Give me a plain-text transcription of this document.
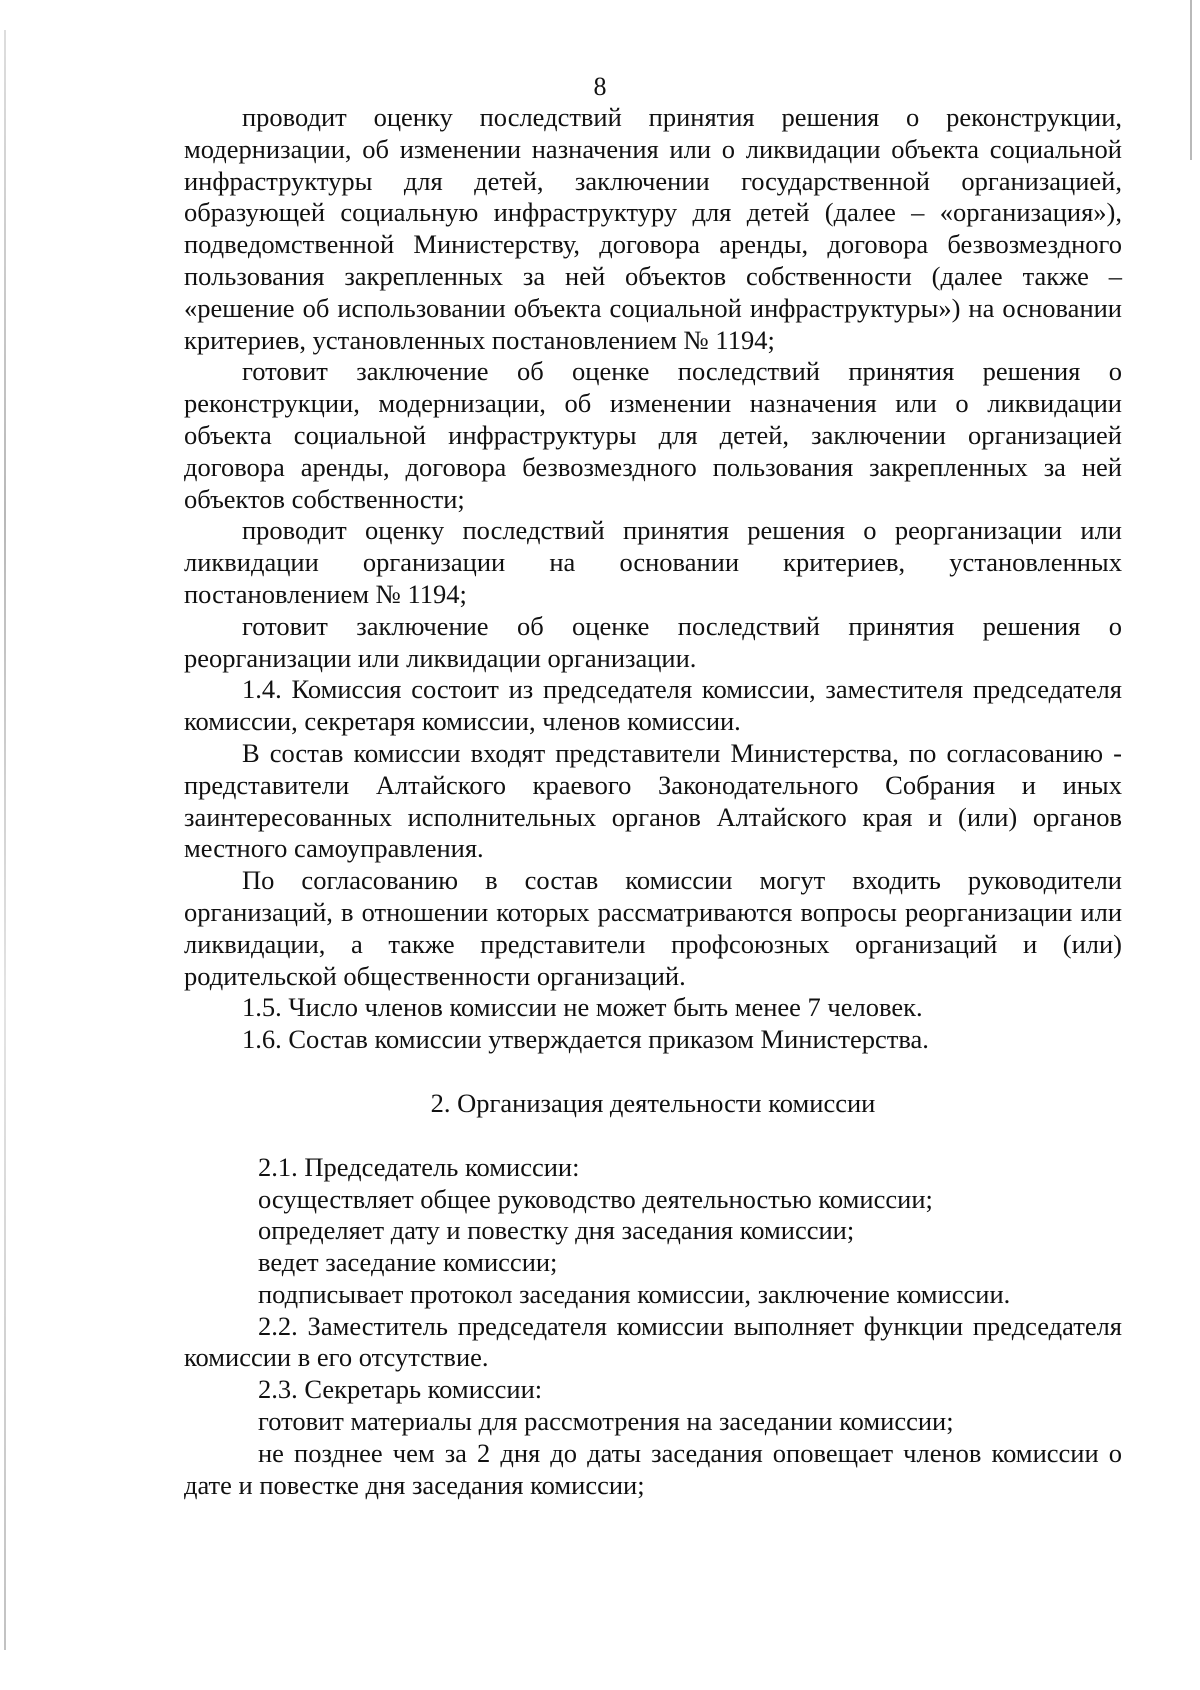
8

проводит оценку последствий принятия решения о реконструкции, модернизации, об изменении назначения или о ликвидации объекта социальной инфраструктуры для детей, заключении государственной организацией, образующей социальную инфраструктуру для детей (далее – «организация»), подведомственной Министерству, договора аренды, договора безвозмездного пользования закрепленных за ней объектов собственности (далее также – «решение об использовании объекта социальной инфраструктуры») на основании критериев, установленных постановлением № 1194;

готовит заключение об оценке последствий принятия решения о реконструкции, модернизации, об изменении назначения или о ликвидации объекта социальной инфраструктуры для детей, заключении организацией договора аренды, договора безвозмездного пользования закрепленных за ней объектов собственности;

проводит оценку последствий принятия решения о реорганизации или ликвидации организации на основании критериев, установленных постановлением № 1194;

готовит заключение об оценке последствий принятия решения о реорганизации или ликвидации организации.

1.4. Комиссия состоит из председателя комиссии, заместителя председателя комиссии, секретаря комиссии, членов комиссии.

В состав комиссии входят представители Министерства, по согласованию - представители Алтайского краевого Законодательного Собрания и иных заинтересованных исполнительных органов Алтайского края и (или) органов местного самоуправления.

По согласованию в состав комиссии могут входить руководители организаций, в отношении которых рассматриваются вопросы реорганизации или ликвидации, а также представители профсоюзных организаций и (или) родительской общественности организаций.

1.5. Число членов комиссии не может быть менее 7 человек.

1.6. Состав комиссии утверждается приказом Министерства.

2. Организация деятельности комиссии

2.1. Председатель комиссии:

осуществляет общее руководство деятельностью комиссии;

определяет дату и повестку дня заседания комиссии;

ведет заседание комиссии;

подписывает протокол заседания комиссии, заключение комиссии.

2.2. Заместитель председателя комиссии выполняет функции председателя комиссии в его отсутствие.

2.3. Секретарь комиссии:

готовит материалы для рассмотрения на заседании комиссии;

не позднее чем за 2 дня до даты заседания оповещает членов комиссии о дате и повестке дня заседания комиссии;
